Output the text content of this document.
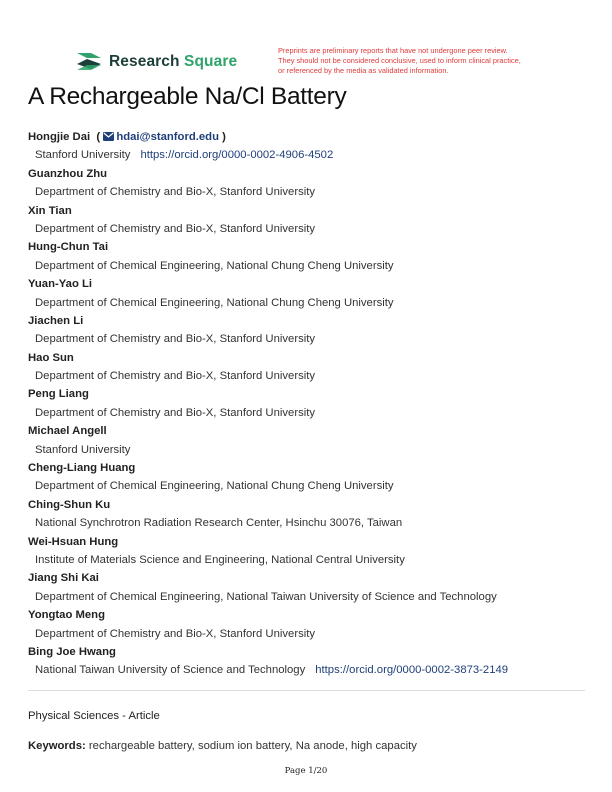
Research Square
Preprints are preliminary reports that have not undergone peer review.
They should not be considered conclusive, used to inform clinical practice,
or referenced by the media as validated information.
A Rechargeable Na/Cl Battery
Hongjie Dai ( hdai@stanford.edu )
Stanford University https://orcid.org/0000-0002-4906-4502
Guanzhou Zhu
Department of Chemistry and Bio-X, Stanford University
Xin Tian
Department of Chemistry and Bio-X, Stanford University
Hung-Chun Tai
Department of Chemical Engineering, National Chung Cheng University
Yuan-Yao Li
Department of Chemical Engineering, National Chung Cheng University
Jiachen Li
Department of Chemistry and Bio-X, Stanford University
Hao Sun
Department of Chemistry and Bio-X, Stanford University
Peng Liang
Department of Chemistry and Bio-X, Stanford University
Michael Angell
Stanford University
Cheng-Liang Huang
Department of Chemical Engineering, National Chung Cheng University
Ching-Shun Ku
National Synchrotron Radiation Research Center, Hsinchu 30076, Taiwan
Wei-Hsuan Hung
Institute of Materials Science and Engineering, National Central University
Jiang Shi Kai
Department of Chemical Engineering, National Taiwan University of Science and Technology
Yongtao Meng
Department of Chemistry and Bio-X, Stanford University
Bing Joe Hwang
National Taiwan University of Science and Technology https://orcid.org/0000-0002-3873-2149
Physical Sciences - Article
Keywords: rechargeable battery, sodium ion battery, Na anode, high capacity
Page 1/20
